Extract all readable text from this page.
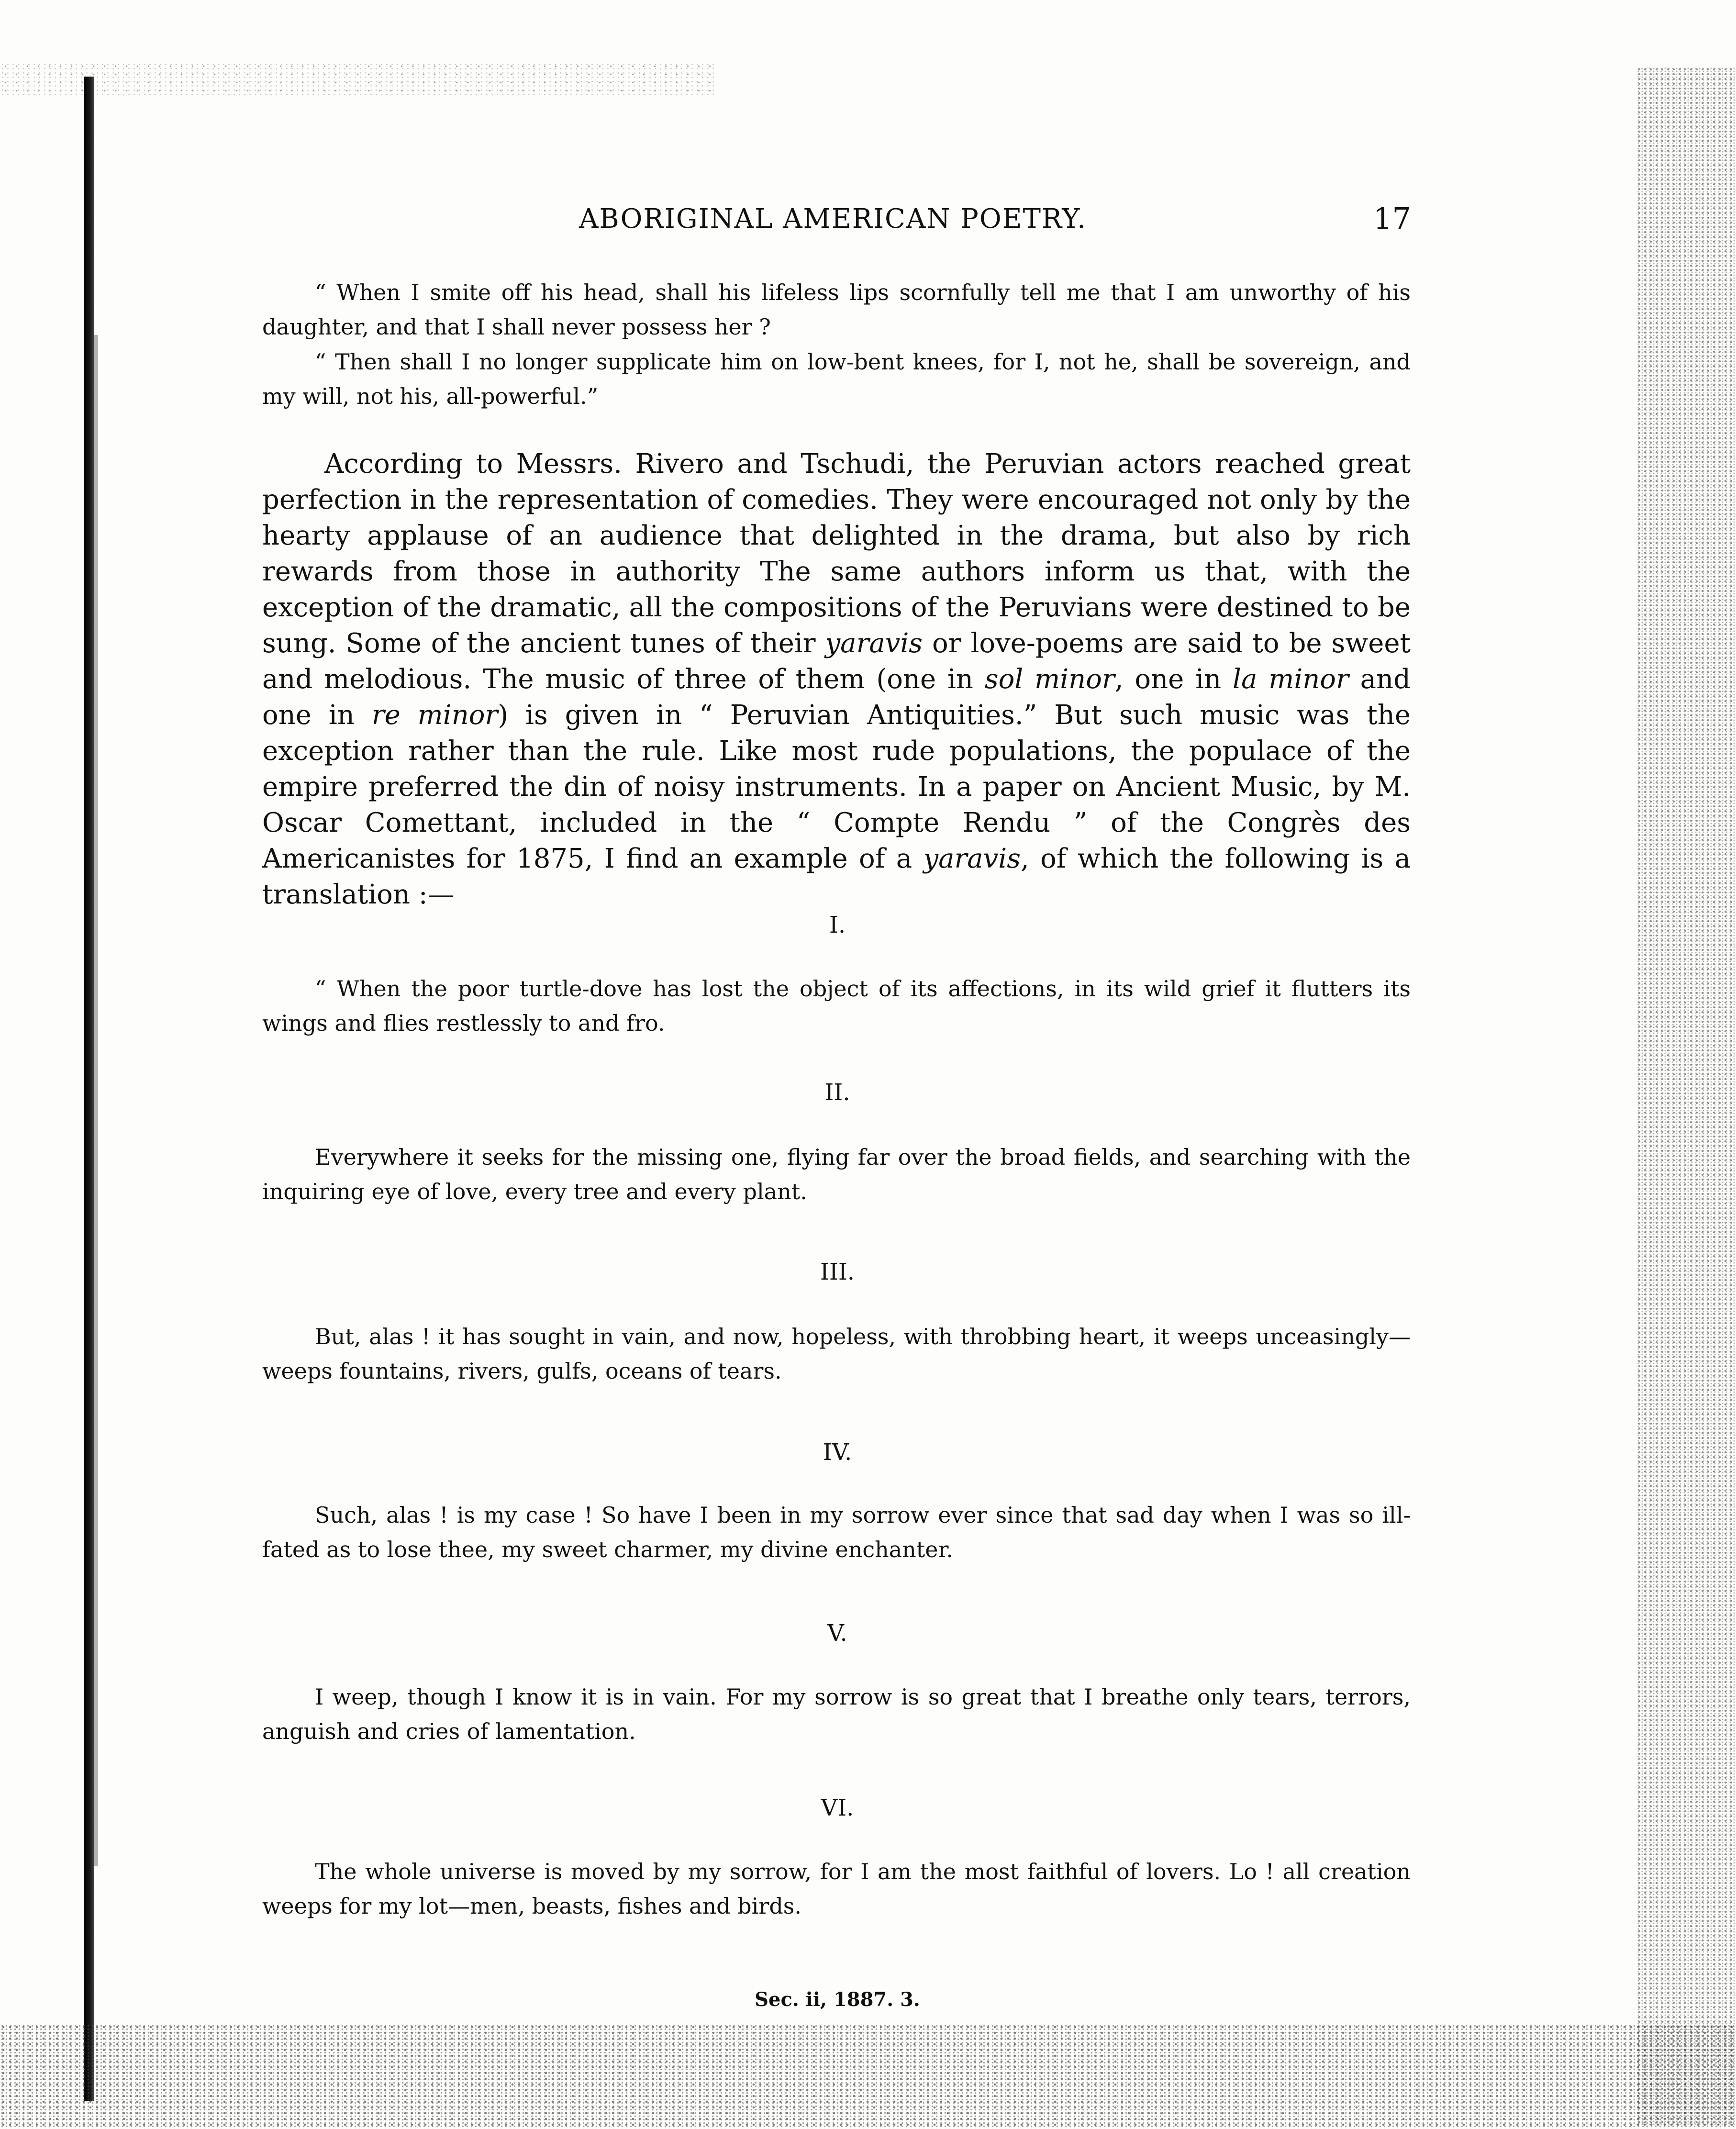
ABORIGINAL AMERICAN POETRY.	17

“ When I smite off his head, shall his lifeless lips scornfully tell me that I am unworthy of his daughter, and that I shall never possess her ?

“ Then shall I no longer supplicate him on low-bent knees, for I, not he, shall be sovereign, and my will, not his, all-powerful.”

According to Messrs. Rivero and Tschudi, the Peruvian actors reached great perfection in the representation of comedies. They were encouraged not only by the hearty applause of an audience that delighted in the drama, but also by rich rewards from those in authority The same authors inform us that, with the exception of the dramatic, all the compositions of the Peruvians were destined to be sung. Some of the ancient tunes of their yaravis or love-poems are said to be sweet and melodious. The music of three of them (one in sol minor, one in la minor and one in re minor) is given in “ Peruvian Antiquities.” But such music was the exception rather than the rule. Like most rude populations, the populace of the empire preferred the din of noisy instruments. In a paper on Ancient Music, by M. Oscar Comettant, included in the “ Compte Rendu ” of the Congrès des Americanistes for 1875, I find an example of a yaravis, of which the following is a translation :—

I.

“ When the poor turtle-dove has lost the object of its affections, in its wild grief it flutters its wings and flies restlessly to and fro.

II.

Everywhere it seeks for the missing one, flying far over the broad fields, and searching with the inquiring eye of love, every tree and every plant.

III.

But, alas ! it has sought in vain, and now, hopeless, with throbbing heart, it weeps unceasingly—weeps fountains, rivers, gulfs, oceans of tears.

IV.

Such, alas ! is my case ! So have I been in my sorrow ever since that sad day when I was so ill-fated as to lose thee, my sweet charmer, my divine enchanter.

V.

I weep, though I know it is in vain. For my sorrow is so great that I breathe only tears, terrors, anguish and cries of lamentation.

VI.

The whole universe is moved by my sorrow, for I am the most faithful of lovers. Lo ! all creation weeps for my lot—men, beasts, fishes and birds.

Sec. ii, 1887. 3.
